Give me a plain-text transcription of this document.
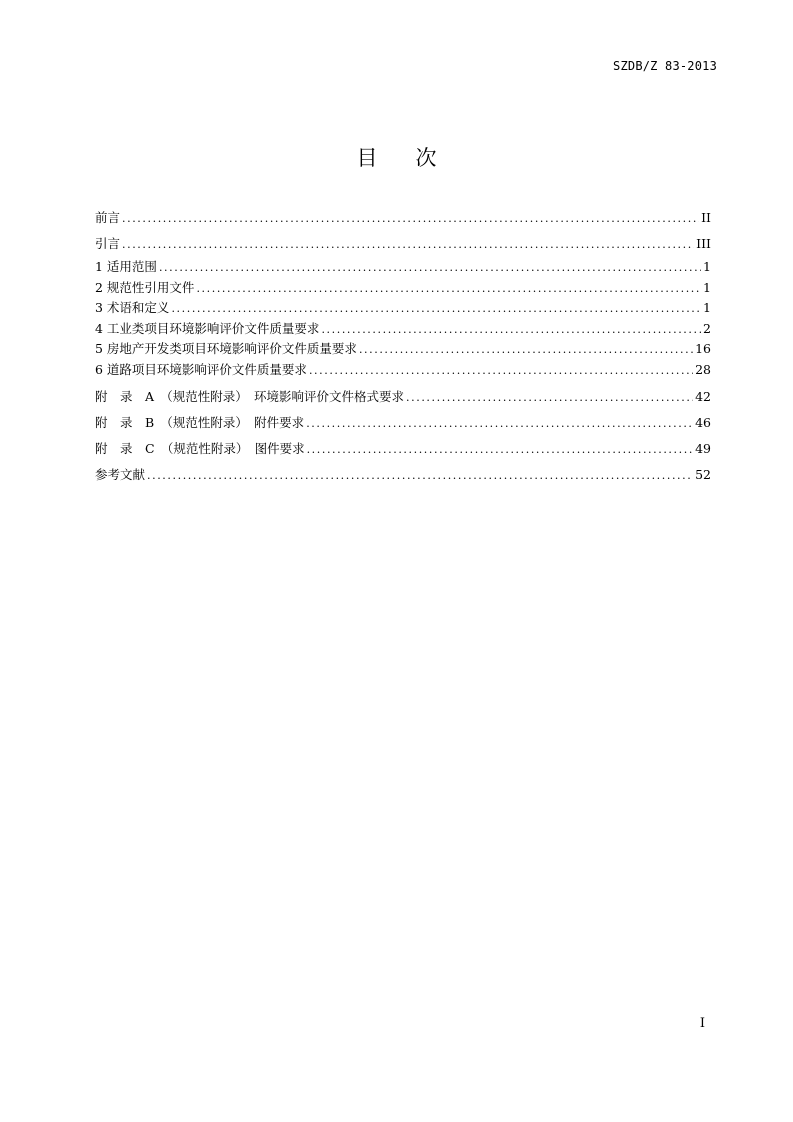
SZDB/Z 83-2013
目 次
前言 .....	II
引言 .....	III
1 适用范围 .....	1
2 规范性引用文件 .....	1
3 术语和定义 .....	1
4 工业类项目环境影响评价文件质量要求 .....	2
5 房地产开发类项目环境影响评价文件质量要求 .....	16
6 道路项目环境影响评价文件质量要求 .....	28
附　录　A　（规范性附录）　环境影响评价文件格式要求 .....	42
附　录　B　（规范性附录）　附件要求 .....	46
附　录　C　（规范性附录）　图件要求 .....	49
参考文献 .....	52
I
